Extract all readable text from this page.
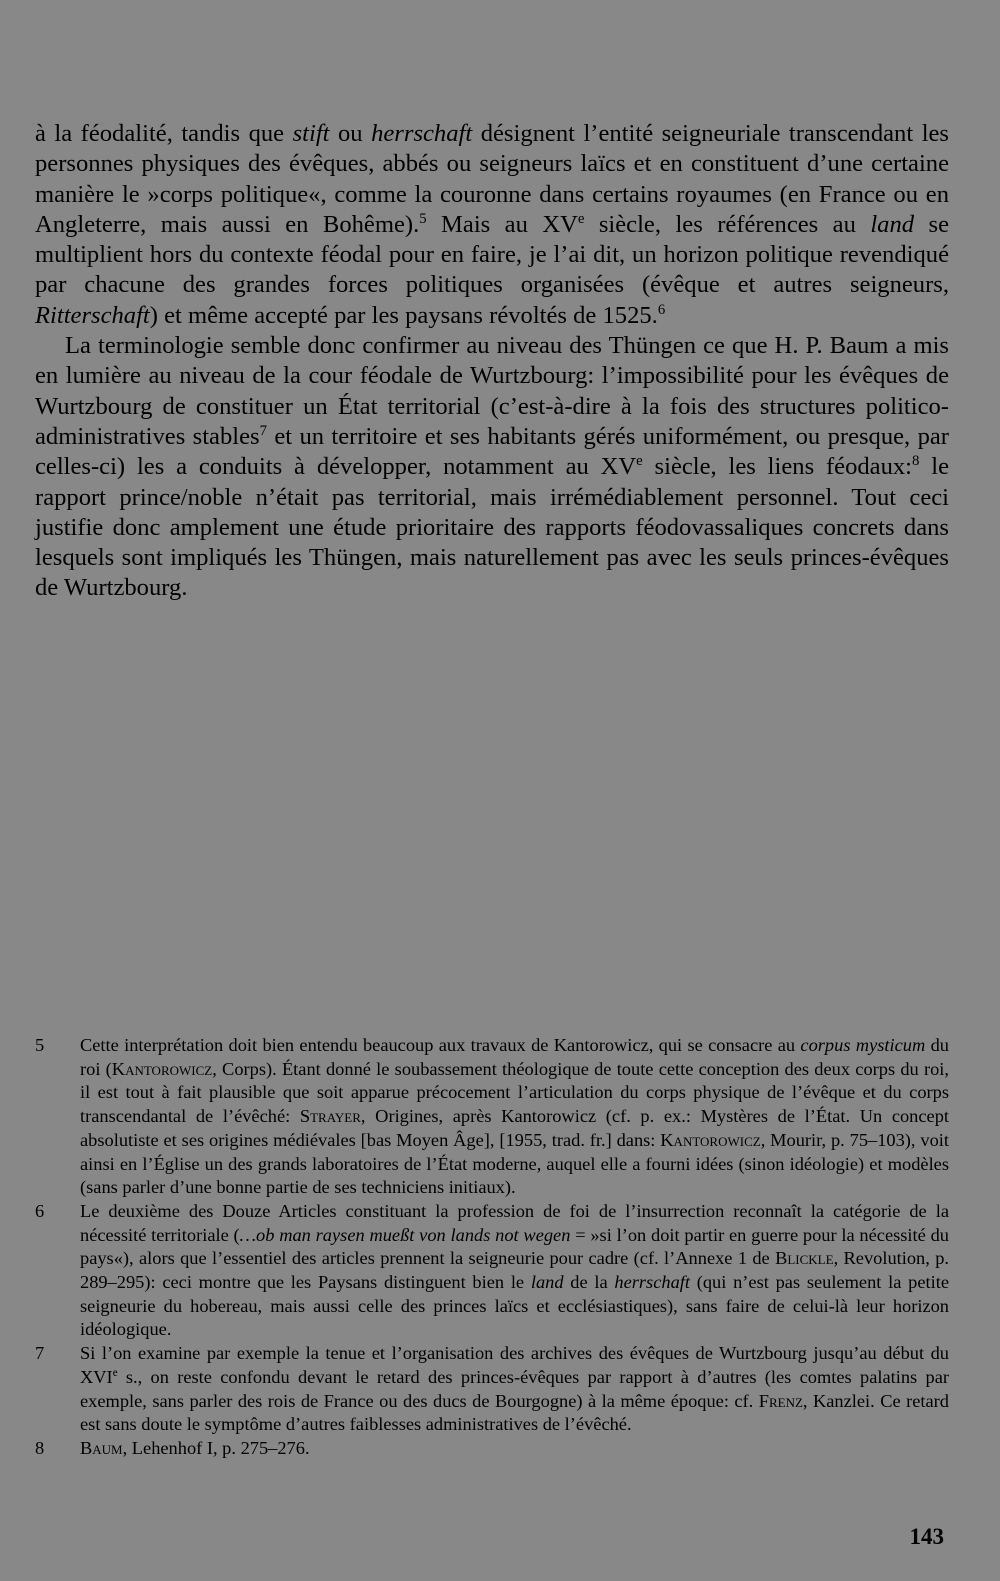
à la féodalité, tandis que stift ou herrschaft désignent l’entité seigneuriale transcendant les personnes physiques des évêques, abbés ou seigneurs laïcs et en constituent d’une certaine manière le »corps politique«, comme la couronne dans certains royaumes (en France ou en Angleterre, mais aussi en Bohême).$^5$ Mais au XVe siècle, les références au land se multiplient hors du contexte féodal pour en faire, je l’ai dit, un horizon politique revendiqué par chacune des grandes forces politiques organisées (évêque et autres seigneurs, Ritterschaft) et même accepté par les paysans révoltés de 1525.$^6$

La terminologie semble donc confirmer au niveau des Thüngen ce que H. P. Baum a mis en lumière au niveau de la cour féodale de Wurtzbourg: l’impossibilité pour les évêques de Wurtzbourg de constituer un État territorial (c’est-à-dire à la fois des structures politico-administratives stables$^7$ et un territoire et ses habitants gérés uniformément, ou presque, par celles-ci) les a conduits à développer, notamment au XVe siècle, les liens féodaux:$^8$ le rapport prince/noble n’était pas territorial, mais irrémédiablement personnel. Tout ceci justifie donc amplement une étude prioritaire des rapports féodovassaliques concrets dans lesquels sont impliqués les Thüngen, mais naturellement pas avec les seuls princes-évêques de Wurtzbourg.

5 Cette interprétation doit bien entendu beaucoup aux travaux de Kantorowicz, qui se consacre au corpus mysticum du roi (Kantorowicz, Corps). Étant donné le soubassement théologique de toute cette conception des deux corps du roi, il est tout à fait plausible que soit apparue précocement l’articulation du corps physique de l’évêque et du corps transcendantal de l’évêché: Strayer, Origines, après Kantorowicz (cf. p. ex.: Mystères de l’État. Un concept absolutiste et ses origines médiévales [bas Moyen Âge], [1955, trad. fr.] dans: Kantorowicz, Mourir, p. 75–103), voit ainsi en l’Église un des grands laboratoires de l’État moderne, auquel elle a fourni idées (sinon idéologie) et modèles (sans parler d’une bonne partie de ses techniciens initiaux).
6 Le deuxième des Douze Articles constituant la profession de foi de l’insurrection reconnaît la catégorie de la nécessité territoriale (…ob man raysen mueßt von lands not wegen = »si l’on doit partir en guerre pour la nécessité du pays«), alors que l’essentiel des articles prennent la seigneurie pour cadre (cf. l’Annexe 1 de Blickle, Revolution, p. 289–295): ceci montre que les Paysans distinguent bien le land de la herrschaft (qui n’est pas seulement la petite seigneurie du hobereau, mais aussi celle des princes laïcs et ecclésiastiques), sans faire de celui-là leur horizon idéologique.
7 Si l’on examine par exemple la tenue et l’organisation des archives des évêques de Wurtzbourg jusqu’au début du XVIe s., on reste confondu devant le retard des princes-évêques par rapport à d’autres (les comtes palatins par exemple, sans parler des rois de France ou des ducs de Bourgogne) à la même époque: cf. Frenz, Kanzlei. Ce retard est sans doute le symptôme d’autres faiblesses administratives de l’évêché.
8 Baum, Lehenhof I, p. 275–276.
143
